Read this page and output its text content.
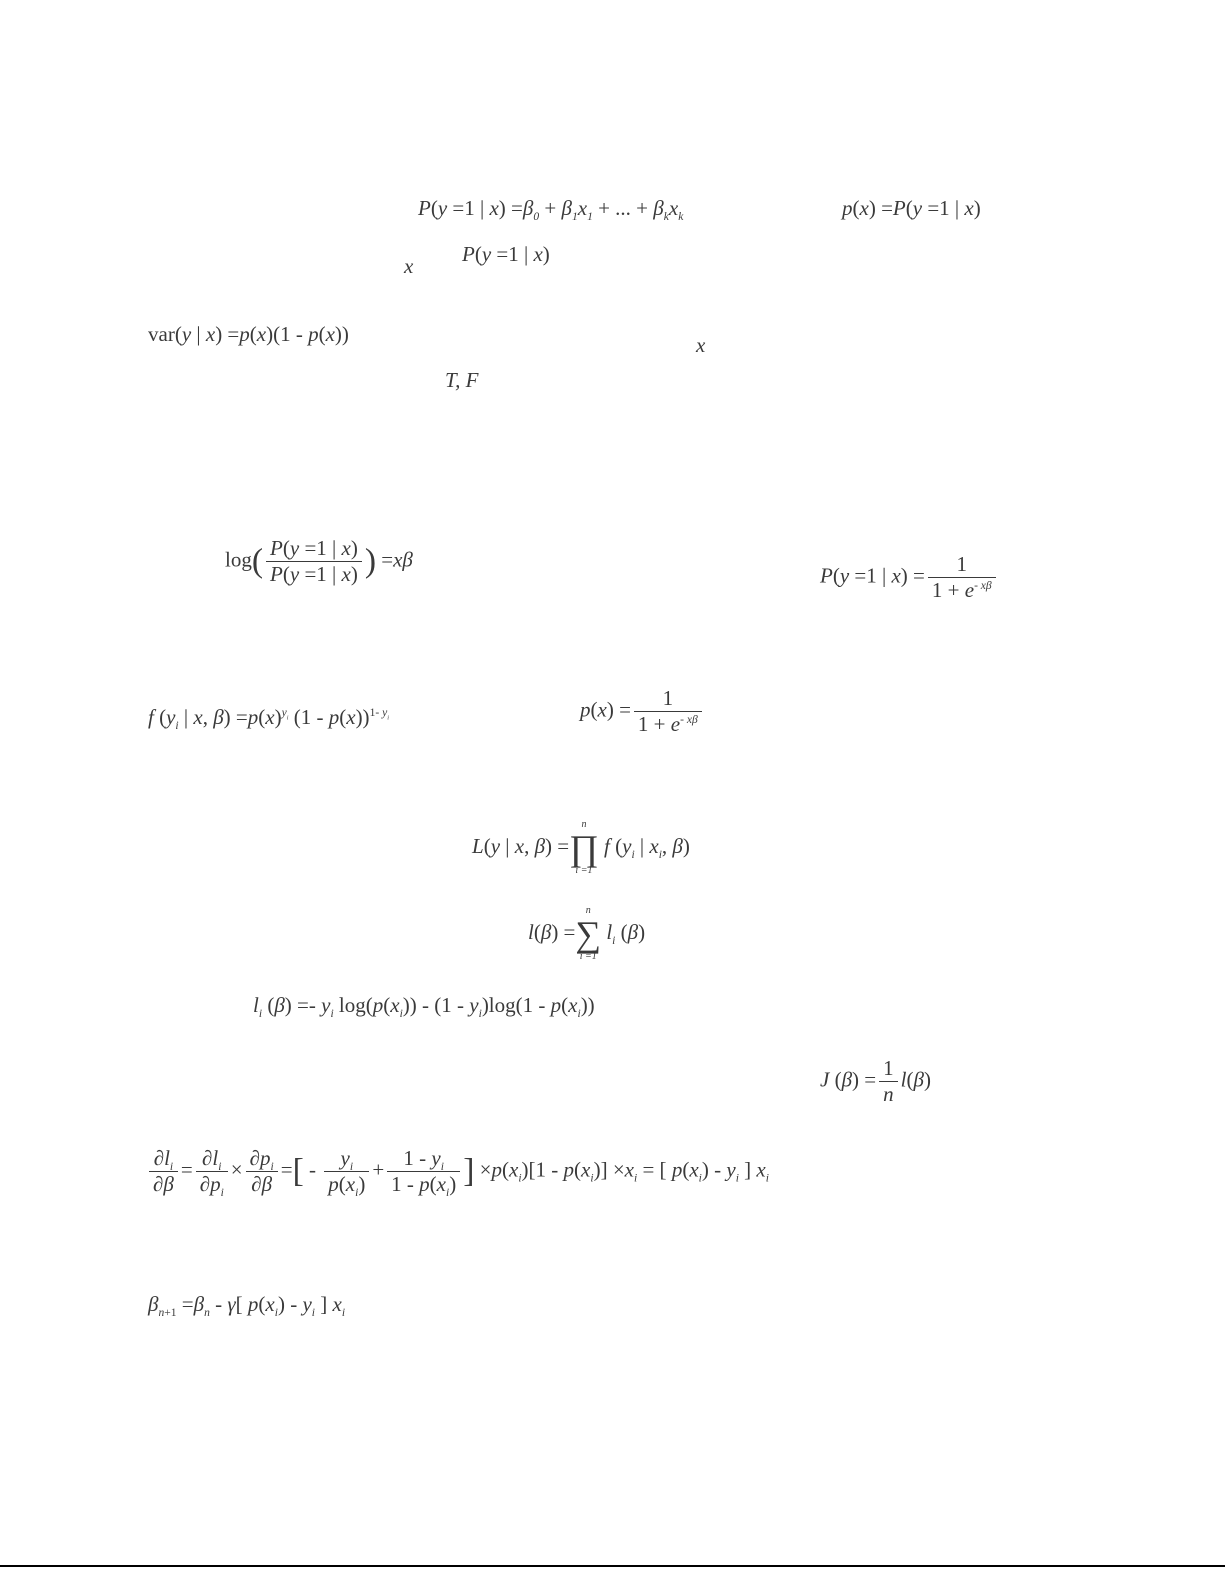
P(y =1 | $x) =\beta_0 + \beta_1x_1$ + ... + $\beta_kx_k$	p(x) =P(y =1 | x)
x P(y =1 | x)
var(y | x) =p(x)(1 - p(x))	x
T, F
$\log( \frac{P(y =1 | x)}{P(y =1 | x)}$ ) =xβ
P(y =1 | $x) = \frac{1}{1 + e^{- x\beta}}$
f ($y_i$ | x, $\beta) =p(x)^{y_i}$ (1 - p(x))$^{1- y_i}$	$p(x) = \frac{1}{1 + e^{- x\beta}}$
L(y | x, β) =
n
∏
i =1
f ($y_i$ | $x_i$, β)
l(β) =
n
∑
i =1
$l_i$ (β)
$l_i$ $(\beta) =- y_i$ $\log(p(x_i)) - (1 - y_i)\log(1 - p(x_i))$
J $(\beta) = \frac{1}{n} l(\beta)$
$\frac{\partial l_i}{\partial\beta} = \frac{\partial l_i}{\partial p_i} \times \frac{\partial p_i}{\partial\beta}$ =[ - $\frac{y_i}{p(x_i)} + \frac{1 - y_i}{1 - p(x_i)}$ ] $\times p(x_i)[1 - p(x_i)] \times x_i$ = [ $p(x_i) - y_i$ ] $x_i$
$\beta_{n+1} =\beta_n - \gamma$[ $p(x_i) - y_i$ ] $x_i$
